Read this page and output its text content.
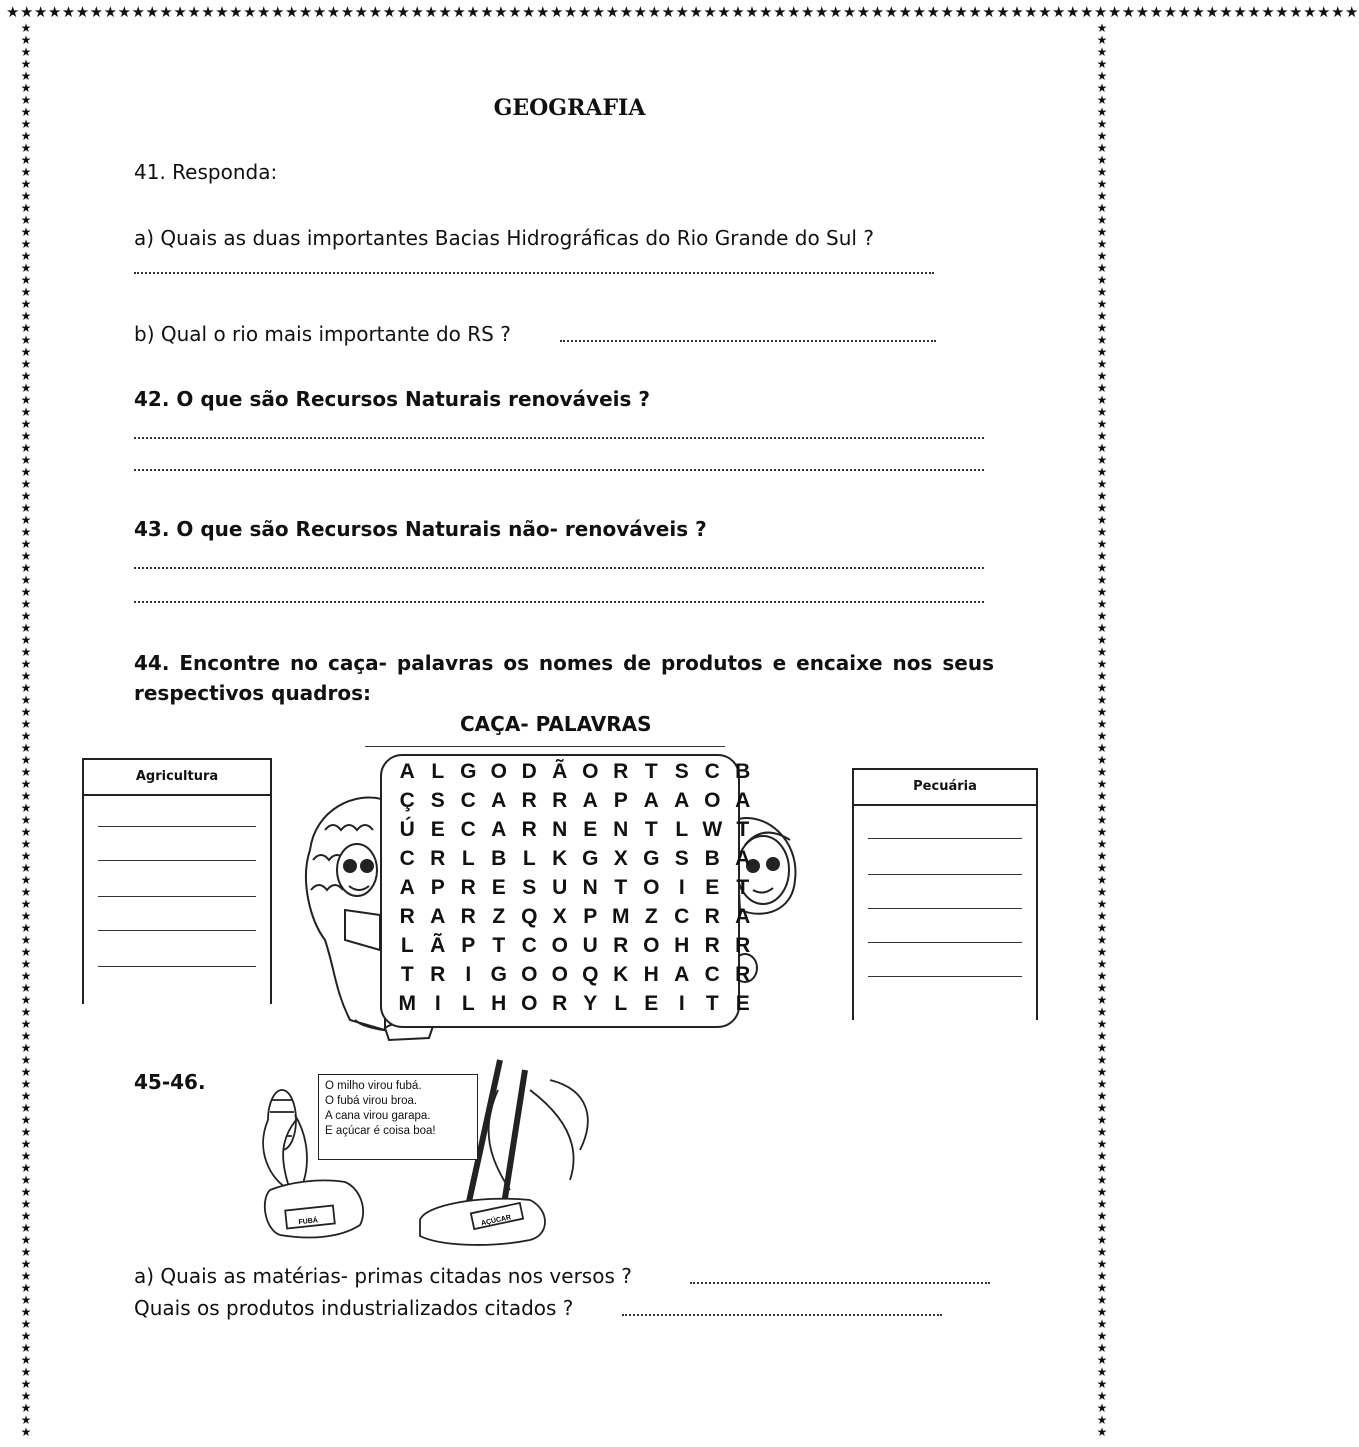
★★★★★★★★★★★★★★★★★★★★★★★★★★★★★★★★★★★★★★★★★★★★★★★★★★★★★★★★★★★★★★★★★★★★★★★★★★★★★★★★★★★★★★★★★★★★★★★★★
★
★
★
★
★
★
★
★
★
★
★
★
★
★
★
★
★
★
★
★
★
★
★
★
★
★
★
★
★
★
★
★
★
★
★
★
★
★
★
★
★
★
★
★
★
★
★
★
★
★
★
★
★
★
★
★
★
★
★
★
★
★
★
★
★
★
★
★
★
★
★
★
★
★
★
★
★
★
★
★
★
★
★
★
★
★
★
★
★
★
★
★
★
★
★
★
★
★
★
★
★
★
★
★
★
★
★
★
★
★
★
★
★
★
★
★
★
★

★
★
★
★
★
★
★
★
★
★
★
★
★
★
★
★
★
★
★
★
★
★
★
★
★
★
★
★
★
★
★
★
★
★
★
★
★
★
★
★
★
★
★
★
★
★
★
★
★
★
★
★
★
★
★
★
★
★
★
★
★
★
★
★
★
★
★
★
★
★
★
★
★
★
★
★
★
★
★
★
★
★
★
★
★
★
★
★
★
★
★
★
★
★
★
★
★
★
★
★
★
★
★
★
★
★
★
★
★
★
★
★
★
★
★
★
★
★

GEOGRAFIA
41. Responda:
a) Quais as duas importantes Bacias Hidrográficas do Rio Grande do Sul ?
b) Qual o rio mais importante do RS ?
42. O que são Recursos Naturais renováveis ?
43. O que são Recursos Naturais não- renováveis ?
44. Encontre no caça- palavras os nomes de produtos e encaixe nos seus respectivos quadros:
CAÇA- PALAVRAS
Agricultura
Pecuária
A L G O D Ã O R T S C B
Ç S C A R R A P A A O A
Ú E C A R N E N T L W T
C R L B L K G X G S B A
A P R E S U N T O I E T
R A R Z Q X P M Z C R A
L Ã P T C O U R O H R R
T R I G O O Q K H A C R
M I	L H O R Y L E I	T E
45-46.
FUBÁ	AÇÚCAR
O milho virou fubá.
O fubá virou broa.
A cana virou garapa.
E açúcar é coisa boa!
a) Quais as matérias- primas citadas nos versos ?
Quais os produtos industrializados citados ?
